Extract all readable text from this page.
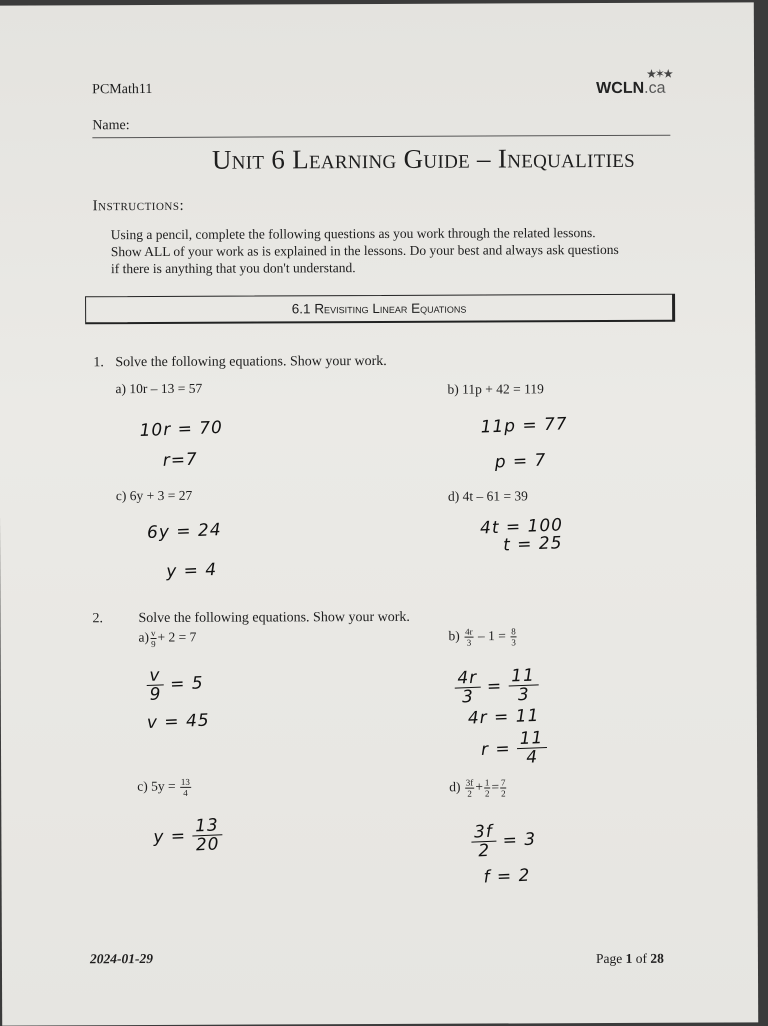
PCMath11
★✶★
WCLN.ca
Name:
Unit 6 Learning Guide – Inequalities
Instructions:
Using a pencil, complete the following questions as you work through the related lessons.
Show ALL of your work as is explained in the lessons. Do your best and always ask questions
if there is anything that you don't understand.
6.1 Revisiting Linear Equations
1. Solve the following equations. Show your work.
a) 10r – 13 = 57
10r = 70
r=7
b) 11p + 42 = 119
11p = 77
p = 7
c) 6y + 3 = 27
6y = 24
y = 4
d) 4t – 61 = 39
4t = 100
t = 25
2.	Solve the following equations. Show your work.
$a) \frac{v}{9} + 2 = 7$
$\frac{v}{9} = 5$
v = 45
$b) \frac{4r}{3} - 1 = \frac{8}{3}$
$\frac{4r}{3} = \frac{11}{3}$
4r = 11
$r = \frac{11}{4}$
c) $5y = \frac{13}{4}$
$y = \frac{13}{20}$
$d) \frac{3f}{2} + \frac{1}{2} = \frac{7}{2}$
$\frac{3f}{2} = 3$
f = 2
2024-01-29	Page 1 of 28
